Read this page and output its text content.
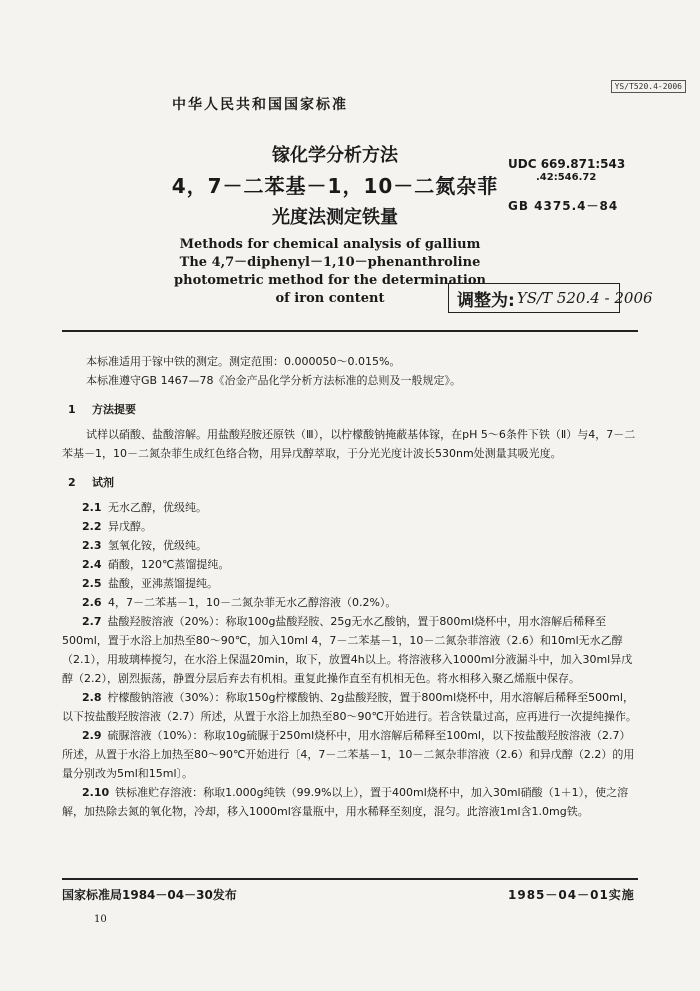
YS/T520.4-2006
中华人民共和国国家标准
镓化学分析方法
4，7－二苯基－1，10－二氮杂菲
光度法测定铁量
UDC 669.871:543
.42:546.72
GB 4375.4－84
Methods for chemical analysis of gallium
The 4,7－diphenyl－1,10－phenanthroline
photometric method for the determination
of iron content	调整为: YS/T 520.4 - 2006

本标准适用于镓中铁的测定。测定范围：0.000050～0.015%。

本标准遵守GB 1467—78《冶金产品化学分析方法标准的总则及一般规定》。

1 方法提要

试样以硝酸、盐酸溶解。用盐酸羟胺还原铁（Ⅲ），以柠檬酸钠掩蔽基体镓，在pH 5～6条件下铁（Ⅱ）与4，7－二苯基－1，10－二氮杂菲生成红色络合物，用异戊醇萃取，于分光光度计波长530nm处测量其吸光度。

2 试剂

2.1 无水乙醇，优级纯。

2.2 异戊醇。

2.3 氢氧化铵，优级纯。

2.4 硝酸，120℃蒸馏提纯。

2.5 盐酸，亚沸蒸馏提纯。

2.6 4，7－二苯基－1，10－二氮杂菲无水乙醇溶液（0.2%）。

2.7 盐酸羟胺溶液（20%）：称取100g盐酸羟胺、25g无水乙酸钠，置于800ml烧杯中，用水溶解后稀释至500ml，置于水浴上加热至80～90℃，加入10ml 4，7－二苯基－1，10－二氮杂菲溶液（2.6）和10ml无水乙醇（2.1），用玻璃棒搅匀，在水浴上保温20min，取下，放置4h以上。将溶液移入1000ml分液漏斗中，加入30ml异戊醇（2.2），剧烈振荡，静置分层后弃去有机相。重复此操作直至有机相无色。将水相移入聚乙烯瓶中保存。

2.8 柠檬酸钠溶液（30%）：称取150g柠檬酸钠、2g盐酸羟胺，置于800ml烧杯中，用水溶解后稀释至500ml，以下按盐酸羟胺溶液（2.7）所述，从置于水浴上加热至80～90℃开始进行。若含铁量过高，应再进行一次提纯操作。

2.9 硫脲溶液（10%）：称取10g硫脲于250ml烧杯中，用水溶解后稀释至100ml，以下按盐酸羟胺溶液（2.7）所述，从置于水浴上加热至80～90℃开始进行〔4，7－二苯基－1，10－二氮杂菲溶液（2.6）和异戊醇（2.2）的用量分别改为5ml和15ml〕。

2.10 铁标准贮存溶液：称取1.000g纯铁（99.9%以上），置于400ml烧杯中，加入30ml硝酸（1＋1），使之溶解，加热除去氮的氧化物，冷却，移入1000ml容量瓶中，用水稀释至刻度，混匀。此溶液1ml含1.0mg铁。

国家标准局1984－04－30发布	1985－04－01实施
10
